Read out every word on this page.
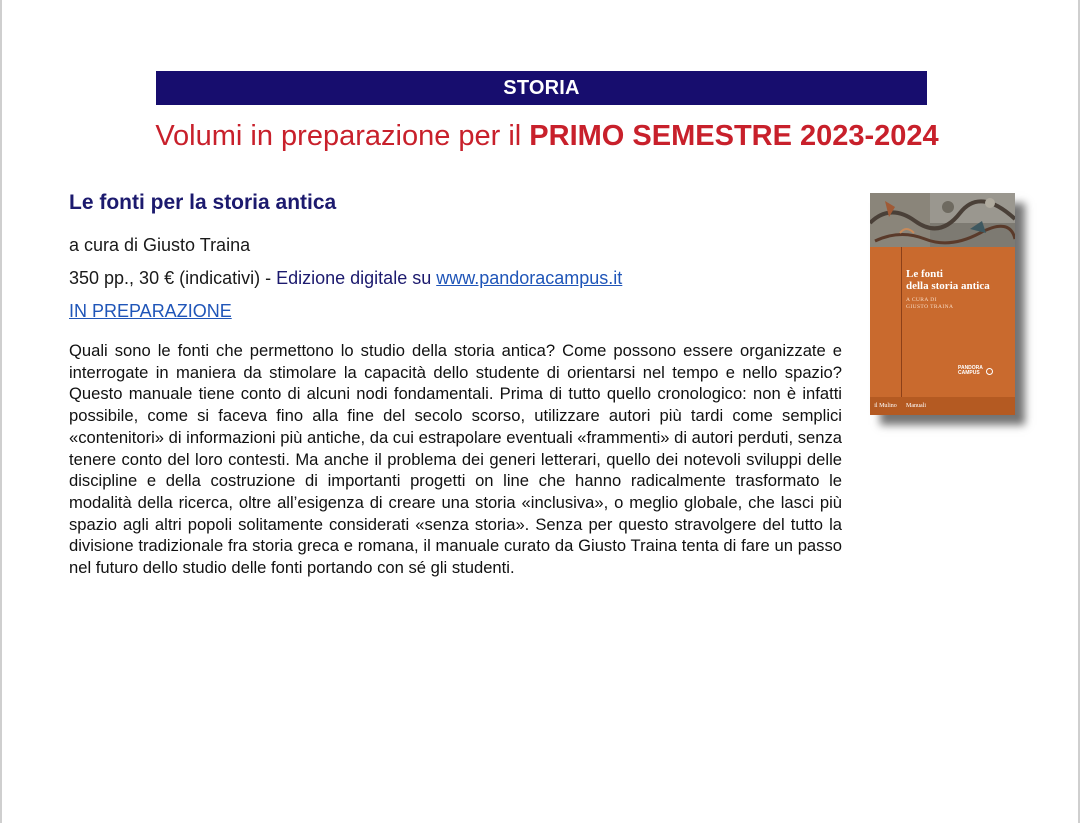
STORIA
Volumi in preparazione per il PRIMO SEMESTRE 2023-2024
Le fonti per la storia antica
a cura di Giusto Traina
350 pp., 30 € (indicativi) - Edizione digitale su www.pandoracampus.it
IN PREPARAZIONE
Quali sono le fonti che permettono lo studio della storia antica? Come possono essere organizzate e interrogate in maniera da stimolare la capacità dello studente di orientarsi nel tempo e nello spazio? Questo manuale tiene conto di alcuni nodi fondamentali. Prima di tutto quello cronologico: non è infatti possibile, come si faceva fino alla fine del secolo scorso, utilizzare autori più tardi come semplici «contenitori» di informazioni più antiche, da cui estrapolare eventuali «frammenti» di autori perduti, senza tenere conto del loro contesti. Ma anche il problema dei generi letterari, quello dei notevoli sviluppi delle discipline e della costruzione di importanti progetti on line che hanno radicalmente trasformato le modalità della ricerca, oltre all’esigenza di creare una storia «inclusiva», o meglio globale, che lasci più spazio agli altri popoli solitamente considerati «senza storia». Senza per questo stravolgere del tutto la divisione tradizionale fra storia greca e romana, il manuale curato da Giusto Traina tenta di fare un passo nel futuro dello studio delle fonti portando con sé gli studenti.
Le fonti
della storia antica
A CURA DI
GIUSTO TRAINA
PANDORA
CAMPUS
il Mulino	Manuali
